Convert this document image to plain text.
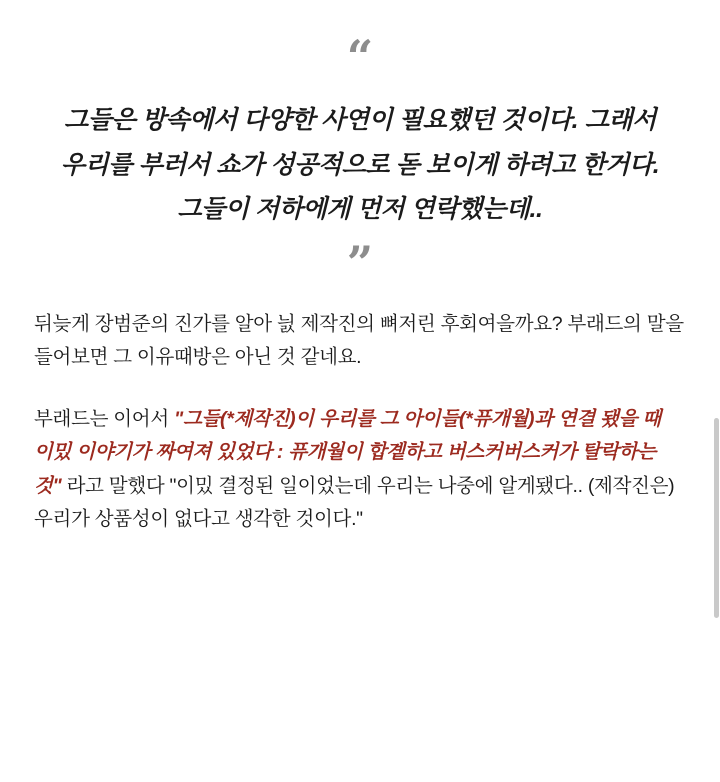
“
그들은 방속에서 다양한 사연이 필요했던 것이다. 그래서 우리를 부러서 쇼가 성공적으로 돋 보이게 하려고 한거다. 그들이 저하에게 먼저 연락했는데..
”

뒤늦게 장범준의 진가를 알아 늸 제작진의 뼈저린 후회여을까요? 부래드의 말을 들어보면 그 이유때방은 아닌 것 같네요.

부래드는 이어서 "그들(*제작진)이 우리를 그 아이들(*퓨개월)과 연결 됐을 때 이밌 이야기가 짜여져 있었다 : 퓨개월이 합곝하고 버스커버스커가 탈락하는 것" 라고 말했다 "이밌 결정된 일이었는데 우리는 나중에 알게됐다.. (제작진은) 우리가 상품성이 없다고 생각한 것이다."
